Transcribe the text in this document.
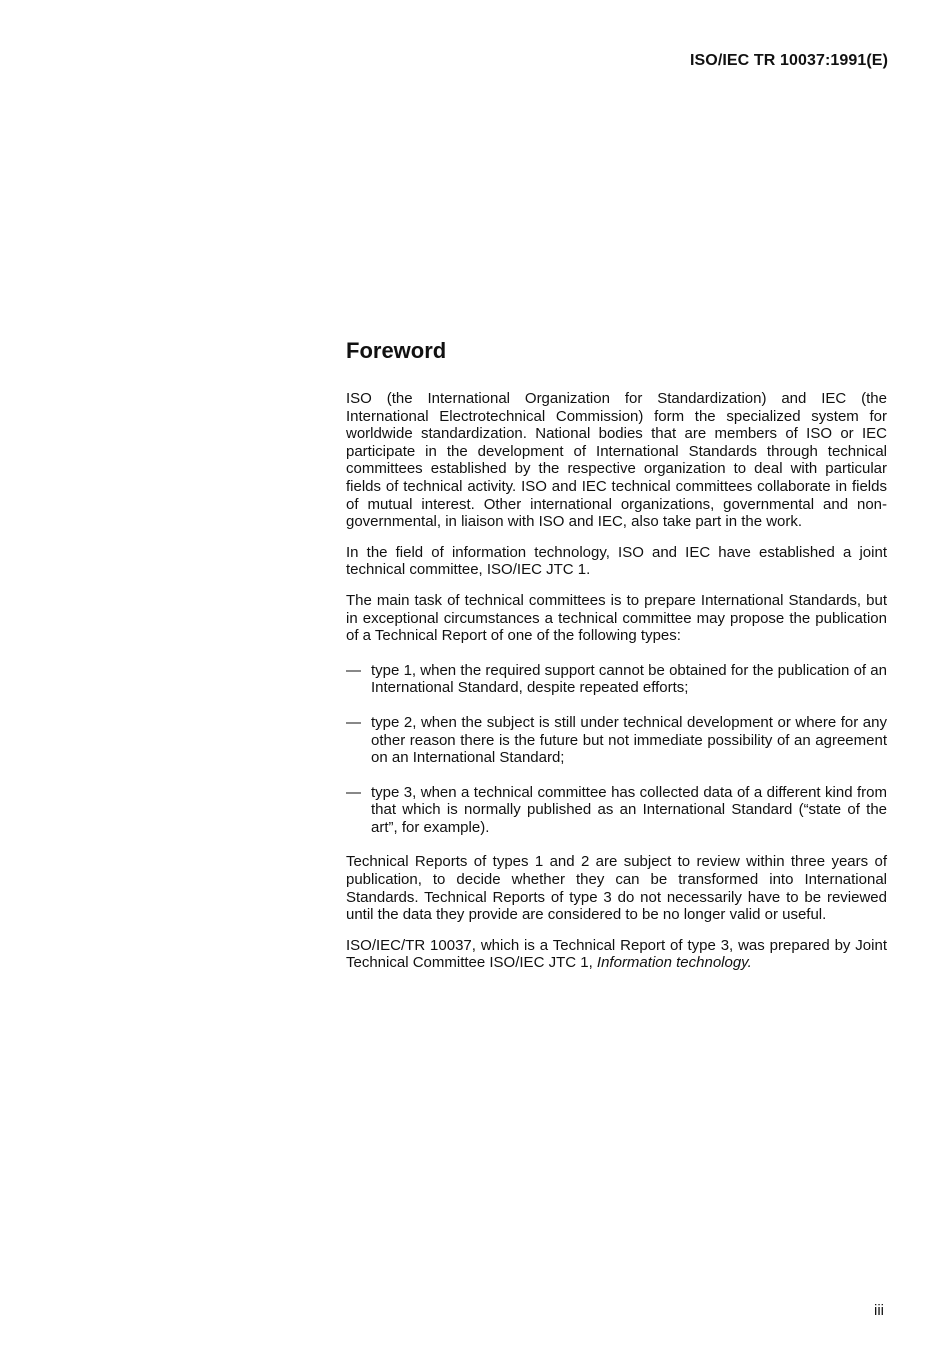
ISO/IEC TR 10037:1991(E)
Foreword

ISO (the International Organization for Standardization) and IEC (the International Electrotechnical Commission) form the specialized system for worldwide standardization. National bodies that are members of ISO or IEC participate in the development of International Standards through technical committees established by the respective organization to deal with particular fields of technical activity. ISO and IEC technical committees collaborate in fields of mutual interest. Other international organizations, governmental and non-governmental, in liaison with ISO and IEC, also take part in the work.

In the field of information technology, ISO and IEC have established a joint technical committee, ISO/IEC JTC 1.

The main task of technical committees is to prepare International Standards, but in exceptional circumstances a technical committee may propose the publication of a Technical Report of one of the following types:

— type 1, when the required support cannot be obtained for the publication of an International Standard, despite repeated efforts;
— type 2, when the subject is still under technical development or where for any other reason there is the future but not immediate possibility of an agreement on an International Standard;
— type 3, when a technical committee has collected data of a different kind from that which is normally published as an International Standard (“state of the art”, for example).

Technical Reports of types 1 and 2 are subject to review within three years of publication, to decide whether they can be transformed into International Standards. Technical Reports of type 3 do not necessarily have to be reviewed until the data they provide are considered to be no longer valid or useful.

ISO/IEC/TR 10037, which is a Technical Report of type 3, was prepared by Joint Technical Committee ISO/IEC JTC 1, Information technology.

iii
